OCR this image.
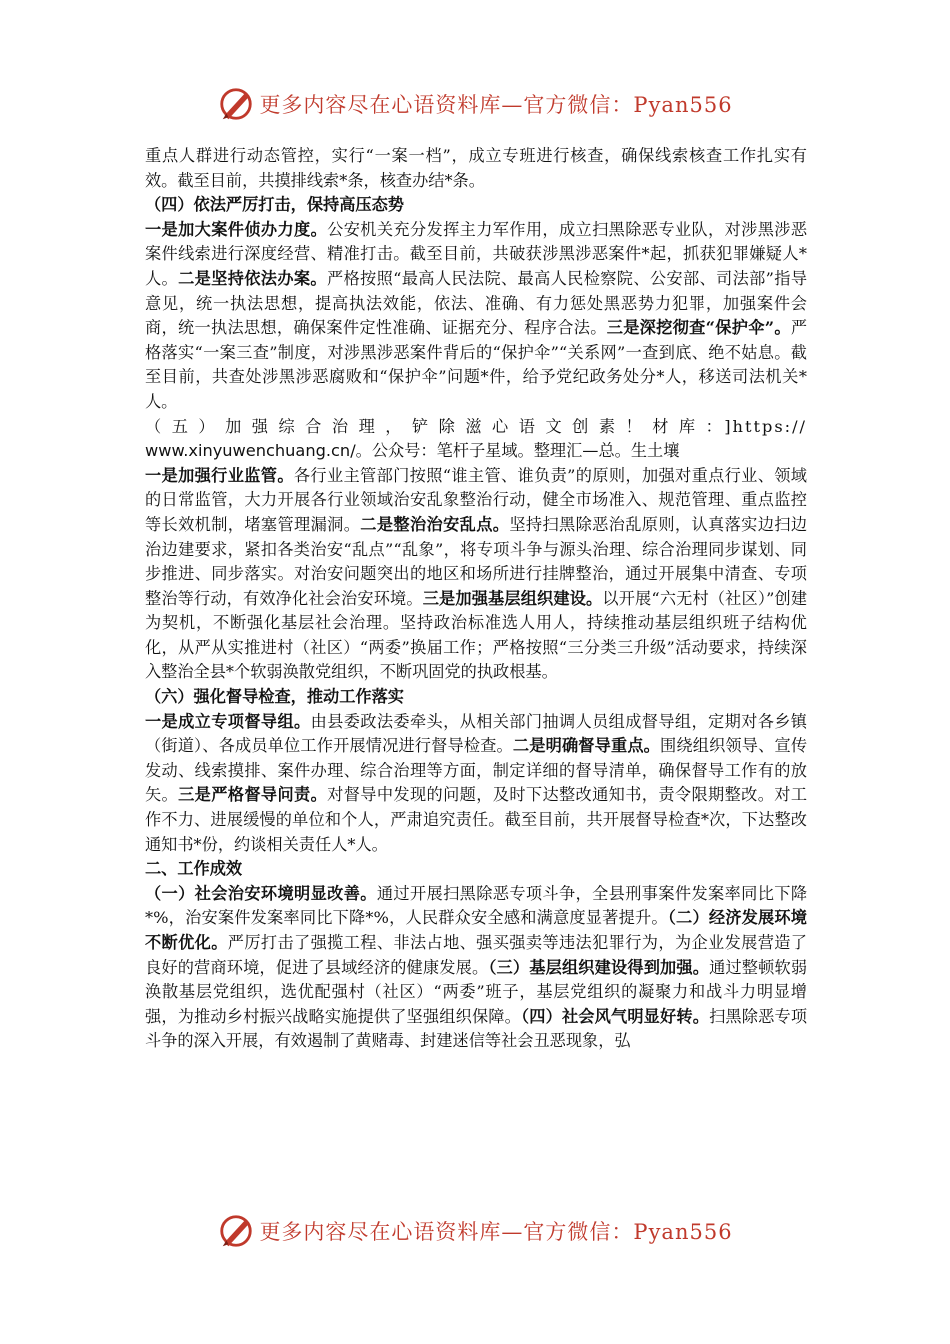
更多内容尽在心语资料库—官方微信：Pyan556

重点人群进行动态管控，实行“一案一档”，成立专班进行核查，确保线索核查工作扎实有效。截至目前，共摸排线索*条，核查办结*条。

（四）依法严厉打击，保持高压态势

一是加大案件侦办力度。公安机关充分发挥主力军作用，成立扫黑除恶专业队，对涉黑涉恶案件线索进行深度经营、精准打击。截至目前，共破获涉黑涉恶案件*起，抓获犯罪嫌疑人*人。二是坚持依法办案。严格按照“最高人民法院、最高人民检察院、公安部、司法部”指导意见，统一执法思想，提高执法效能，依法、准确、有力惩处黑恶势力犯罪，加强案件会商，统一执法思想，确保案件定性准确、证据充分、程序合法。三是深挖彻查“保护伞”。严格落实“一案三查”制度，对涉黑涉恶案件背后的“保护伞”“关系网”一查到底、绝不姑息。截至目前，共查处涉黑涉恶腐败和“保护伞”问题*件，给予党纪政务处分*人，移送司法机关*人。

（五）加强综合治理，铲除滋心语文创素！材库：]https://

www.xinyuwenchuang.cn/。公众号：笔杆子星域。整理汇—总。生土壤

一是加强行业监管。各行业主管部门按照“谁主管、谁负责”的原则，加强对重点行业、领域的日常监管，大力开展各行业领域治安乱象整治行动，健全市场准入、规范管理、重点监控等长效机制，堵塞管理漏洞。二是整治治安乱点。坚持扫黑除恶治乱原则，认真落实边扫边治边建要求，紧扣各类治安“乱点”“乱象”，将专项斗争与源头治理、综合治理同步谋划、同步推进、同步落实。对治安问题突出的地区和场所进行挂牌整治，通过开展集中清查、专项整治等行动，有效净化社会治安环境。三是加强基层组织建设。以开展“六无村（社区）”创建为契机，不断强化基层社会治理。坚持政治标准选人用人，持续推动基层组织班子结构优化，从严从实推进村（社区）“两委”换届工作；严格按照“三分类三升级”活动要求，持续深入整治全县*个软弱涣散党组织，不断巩固党的执政根基。

（六）强化督导检查，推动工作落实

一是成立专项督导组。由县委政法委牵头，从相关部门抽调人员组成督导组，定期对各乡镇（街道）、各成员单位工作开展情况进行督导检查。二是明确督导重点。围绕组织领导、宣传发动、线索摸排、案件办理、综合治理等方面，制定详细的督导清单，确保督导工作有的放矢。三是严格督导问责。对督导中发现的问题，及时下达整改通知书，责令限期整改。对工作不力、进展缓慢的单位和个人，严肃追究责任。截至目前，共开展督导检查*次，下达整改通知书*份，约谈相关责任人*人。

二、工作成效

（一）社会治安环境明显改善。通过开展扫黑除恶专项斗争，全县刑事案件发案率同比下降*%，治安案件发案率同比下降*%，人民群众安全感和满意度显著提升。（二）经济发展环境不断优化。严厉打击了强揽工程、非法占地、强买强卖等违法犯罪行为，为企业发展营造了良好的营商环境，促进了县域经济的健康发展。（三）基层组织建设得到加强。通过整顿软弱涣散基层党组织，选优配强村（社区）“两委”班子，基层党组织的凝聚力和战斗力明显增强，为推动乡村振兴战略实施提供了坚强组织保障。（四）社会风气明显好转。扫黑除恶专项斗争的深入开展，有效遏制了黄赌毒、封建迷信等社会丑恶现象，弘

更多内容尽在心语资料库—官方微信：Pyan556
